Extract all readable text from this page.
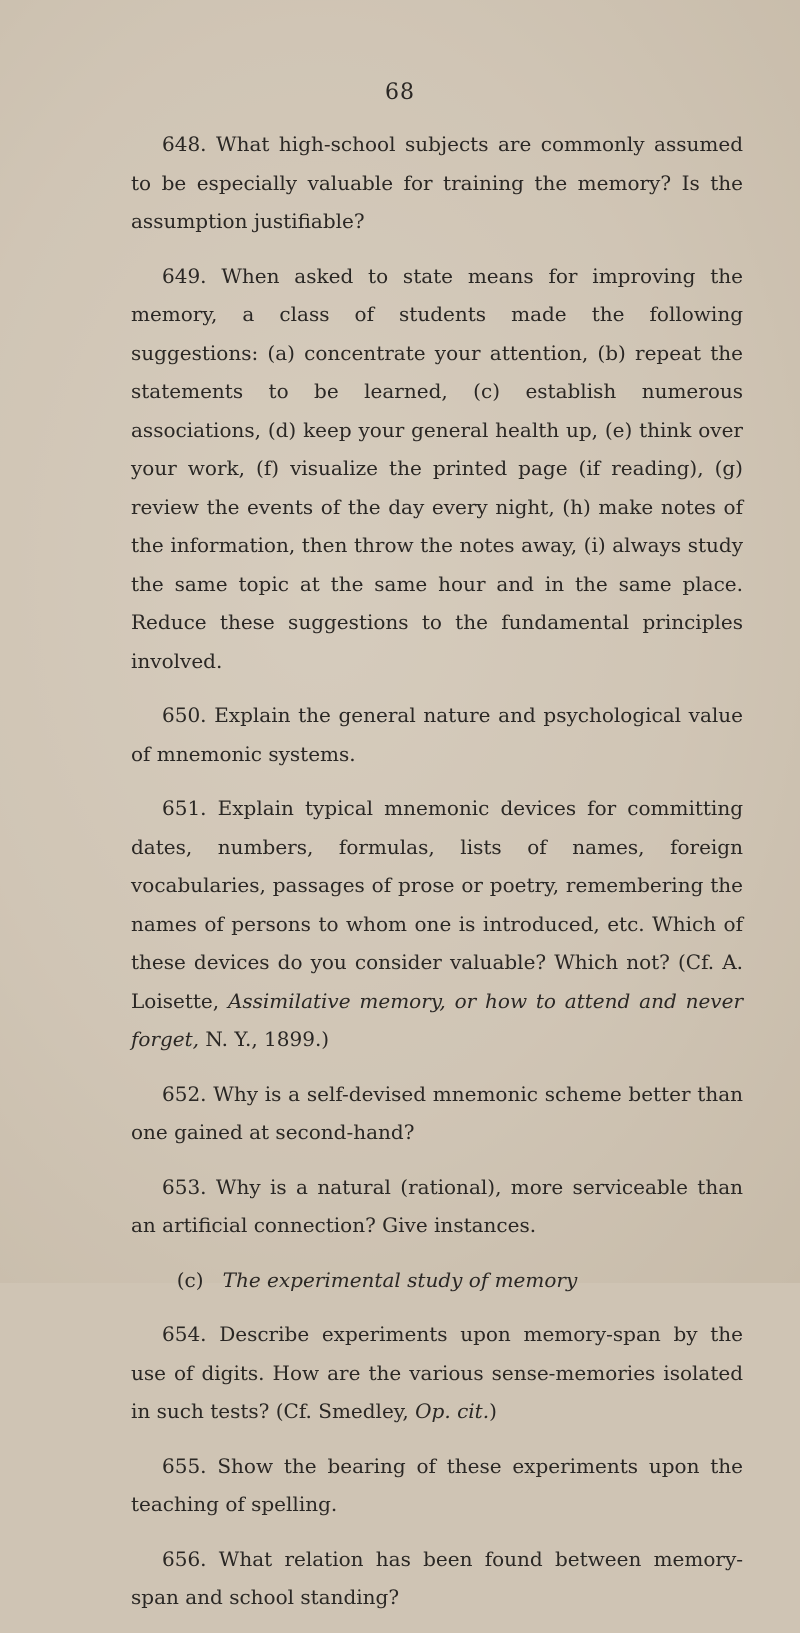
68

648. What high-school subjects are commonly assumed to be especially valuable for training the memory? Is the assumption justifiable?

649. When asked to state means for improving the memory, a class of students made the following suggestions: (a) concentrate your attention, (b) repeat the statements to be learned, (c) establish numerous associations, (d) keep your general health up, (e) think over your work, (f) visualize the printed page (if reading), (g) review the events of the day every night, (h) make notes of the information, then throw the notes away, (i) always study the same topic at the same hour and in the same place. Reduce these suggestions to the fundamental principles involved.

650. Explain the general nature and psychological value of mnemonic systems.

651. Explain typical mnemonic devices for committing dates, numbers, formulas, lists of names, foreign vocabularies, passages of prose or poetry, remembering the names of persons to whom one is introduced, etc. Which of these devices do you consider valuable? Which not? (Cf. A. Loisette, Assimilative memory, or how to attend and never forget, N. Y., 1899.)

652. Why is a self-devised mnemonic scheme better than one gained at second-hand?

653. Why is a natural (rational), more serviceable than an artificial connection? Give instances.

(c) The experimental study of memory

654. Describe experiments upon memory-span by the use of digits. How are the various sense-memories isolated in such tests? (Cf. Smedley, Op. cit.)

655. Show the bearing of these experiments upon the teaching of spelling.

656. What relation has been found between memory-span and school standing?
